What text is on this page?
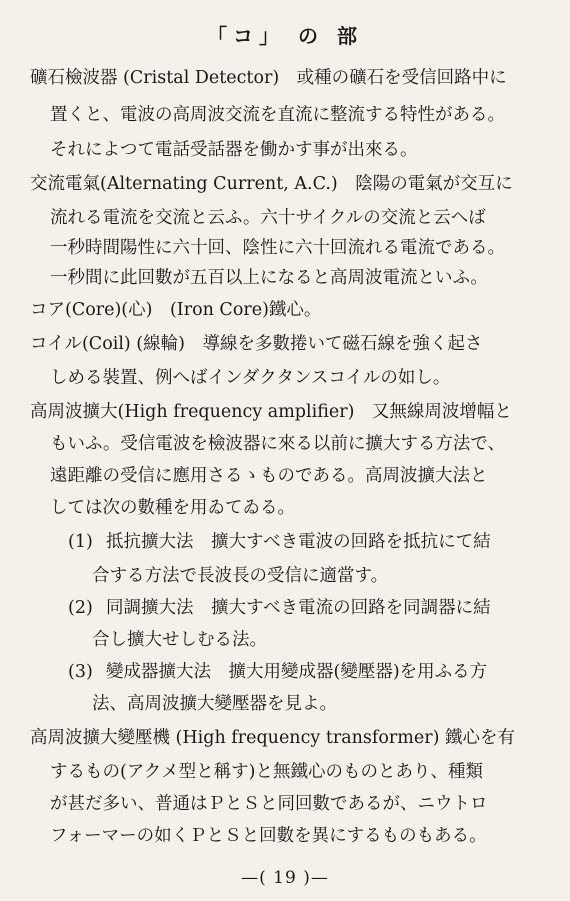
「コ」 の 部
礦石檢波器 (Cristal Detector)　或種の礦石を受信回路中に
置くと、電波の高周波交流を直流に整流する特性がある。
それによつて電話受話器を働かす事が出來る。
交流電氣(Alternating Current, A.C.)　陰陽の電氣が交互に
流れる電流を交流と云ふ。六十サイクルの交流と云へば
一秒時間陽性に六十回、陰性に六十回流れる電流である。
一秒間に此回數が五百以上になると高周波電流といふ。
コア(Core)(心)　(Iron Core)鐵心。
コイル(Coil) (線輪)　導線を多數捲いて磁石線を強く起さ
しめる裝置、例へばインダクタンスコイルの如し。
高周波擴大(High frequency amplifier)　又無線周波增幅と
もいふ。受信電波を檢波器に來る以前に擴大する方法で、
遠距離の受信に應用さるゝものである。高周波擴大法と
しては次の數種を用ゐてゐる。
(1) 抵抗擴大法　擴大すべき電波の回路を抵抗にて結
合する方法で長波長の受信に適當す。
(2) 同調擴大法　擴大すべき電流の回路を同調器に結
合し擴大せしむる法。
(3) 變成器擴大法　擴大用變成器(變壓器)を用ふる方
法、高周波擴大變壓器を見よ。
高周波擴大變壓機 (High frequency transformer) 鐵心を有
するもの(アクメ型と稱す)と無鐵心のものとあり、種類
が甚だ多い、普通はＰとＳと同回數であるが、ニウトロ
フォーマーの如くＰとＳと回數を異にするものもある。
—( 19 )—
